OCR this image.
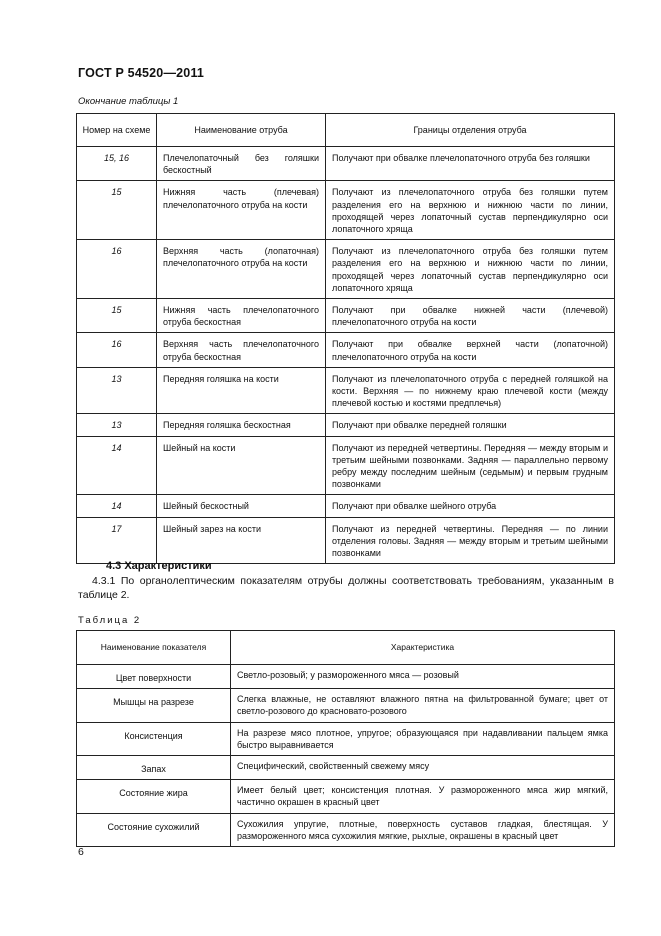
ГОСТ Р 54520—2011
Окончание таблицы 1
Номер на схеме	Наименование отруба	Границы отделения отруба
15, 16	Плечелопаточный без голяшки бескостный	Получают при обвалке плечелопаточного отруба без голяшки
15	Нижняя часть (плечевая) плечелопаточного отруба на кости	Получают из плечелопаточного отруба без голяшки путем разделения его на верхнюю и нижнюю части по линии, проходящей через лопаточный сустав перпендикулярно оси лопаточного хряща
16	Верхняя часть (лопаточная) плечелопаточного отруба на кости	Получают из плечелопаточного отруба без голяшки путем разделения его на верхнюю и нижнюю части по линии, проходящей через лопаточный сустав перпендикулярно оси лопаточного хряща
15	Нижняя часть плечелопаточного отруба бескостная	Получают при обвалке нижней части (плечевой) плечелопаточного отруба на кости
16	Верхняя часть плечелопаточного отруба бескостная	Получают при обвалке верхней части (лопаточной) плечелопаточного отруба на кости
13	Передняя голяшка на кости	Получают из плечелопаточного отруба с передней голяшкой на кости. Верхняя — по нижнему краю плечевой кости (между плечевой костью и костями предплечья)
13	Передняя голяшка бескостная	Получают при обвалке передней голяшки
14	Шейный на кости	Получают из передней четвертины. Передняя — между вторым и третьим шейными позвонками. Задняя — параллельно первому ребру между последним шейным (седьмым) и первым грудным позвонками
14	Шейный бескостный	Получают при обвалке шейного отруба
17	Шейный зарез на кости	Получают из передней четвертины. Передняя — по линии отделения головы. Задняя — между вторым и третьим шейными позвонками
4.3 Характеристики
4.3.1 По органолептическим показателям отрубы должны соответствовать требованиям, указанным в таблице 2.
Таблица 2
Наименование показателя	Характеристика
Цвет поверхности	Светло-розовый; у размороженного мяса — розовый
Мышцы на разрезе	Слегка влажные, не оставляют влажного пятна на фильтрованной бумаге; цвет от светло-розового до красновато-розового
Консистенция	На разрезе мясо плотное, упругое; образующаяся при надавливании пальцем ямка быстро выравнивается
Запах	Специфический, свойственный свежему мясу
Состояние жира	Имеет белый цвет; консистенция плотная. У размороженного мяса жир мягкий, частично окрашен в красный цвет
Состояние сухожилий	Сухожилия упругие, плотные, поверхность суставов гладкая, блестящая. У размороженного мяса сухожилия мягкие, рыхлые, окрашены в красный цвет
6
